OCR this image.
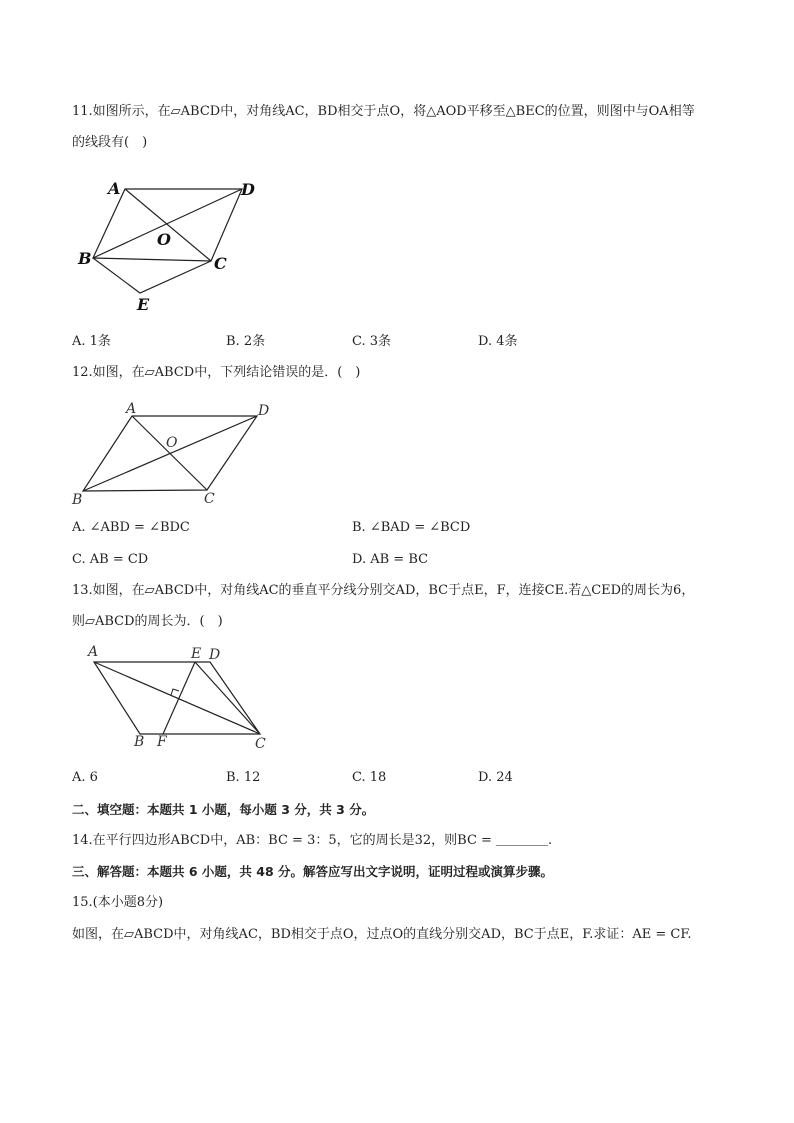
11.如图所示，在▱ABCD中，对角线AC，BD相交于点O，将△AOD平移至△BEC的位置，则图中与OA相等
的线段有(　)
A	D
O
B	C
E
A. 1条	B. 2条	C. 3条	D. 4条
12.如图，在▱ABCD中，下列结论错误的是．(　)
A	D
O
B	C
A. ∠ABD = ∠BDC	B. ∠BAD = ∠BCD
C. AB = CD	D. AB = BC
13.如图，在▱ABCD中，对角线AC的垂直平分线分别交AD，BC于点E，F，连接CE.若△CED的周长为6，
则▱ABCD的周长为．(　)
A	E D
B F	C
A. 6	B. 12	C. 18	D. 24
二、填空题：本题共 1 小题，每小题 3 分，共 3 分。
14.在平行四边形ABCD中，AB：BC = 3：5，它的周长是32，则BC = ＿＿＿＿.
三、解答题：本题共 6 小题，共 48 分。解答应写出文字说明，证明过程或演算步骤。
15.(本小题8分)
如图，在▱ABCD中，对角线AC，BD相交于点O，过点O的直线分别交AD，BC于点E，F.求证：AE = CF.
